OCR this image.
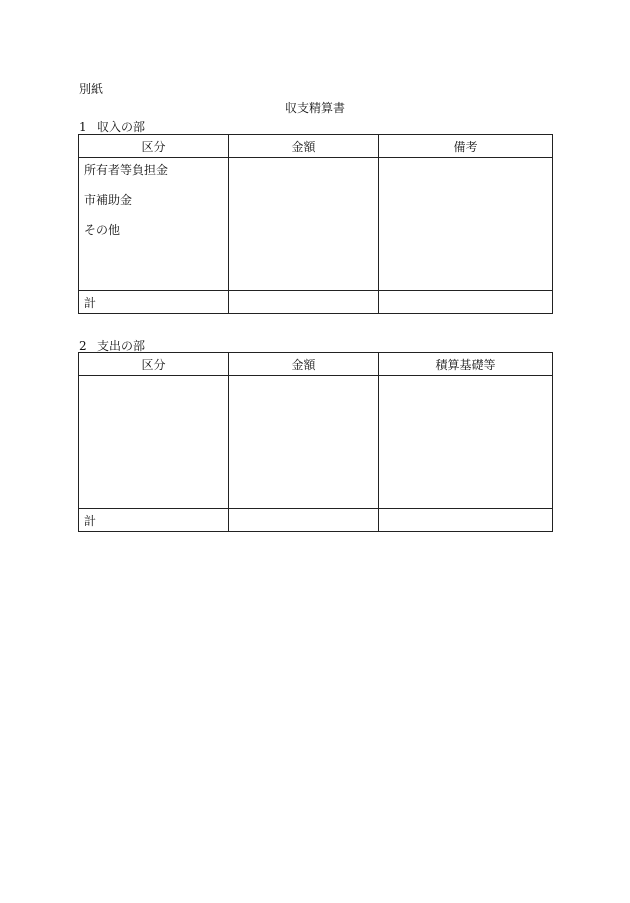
別紙
収支精算書
1 収入の部
区分	金額	備考

所有者等負担金
市補助金
その他		

計		
2 支出の部
区分	金額	積算基礎等

計		
